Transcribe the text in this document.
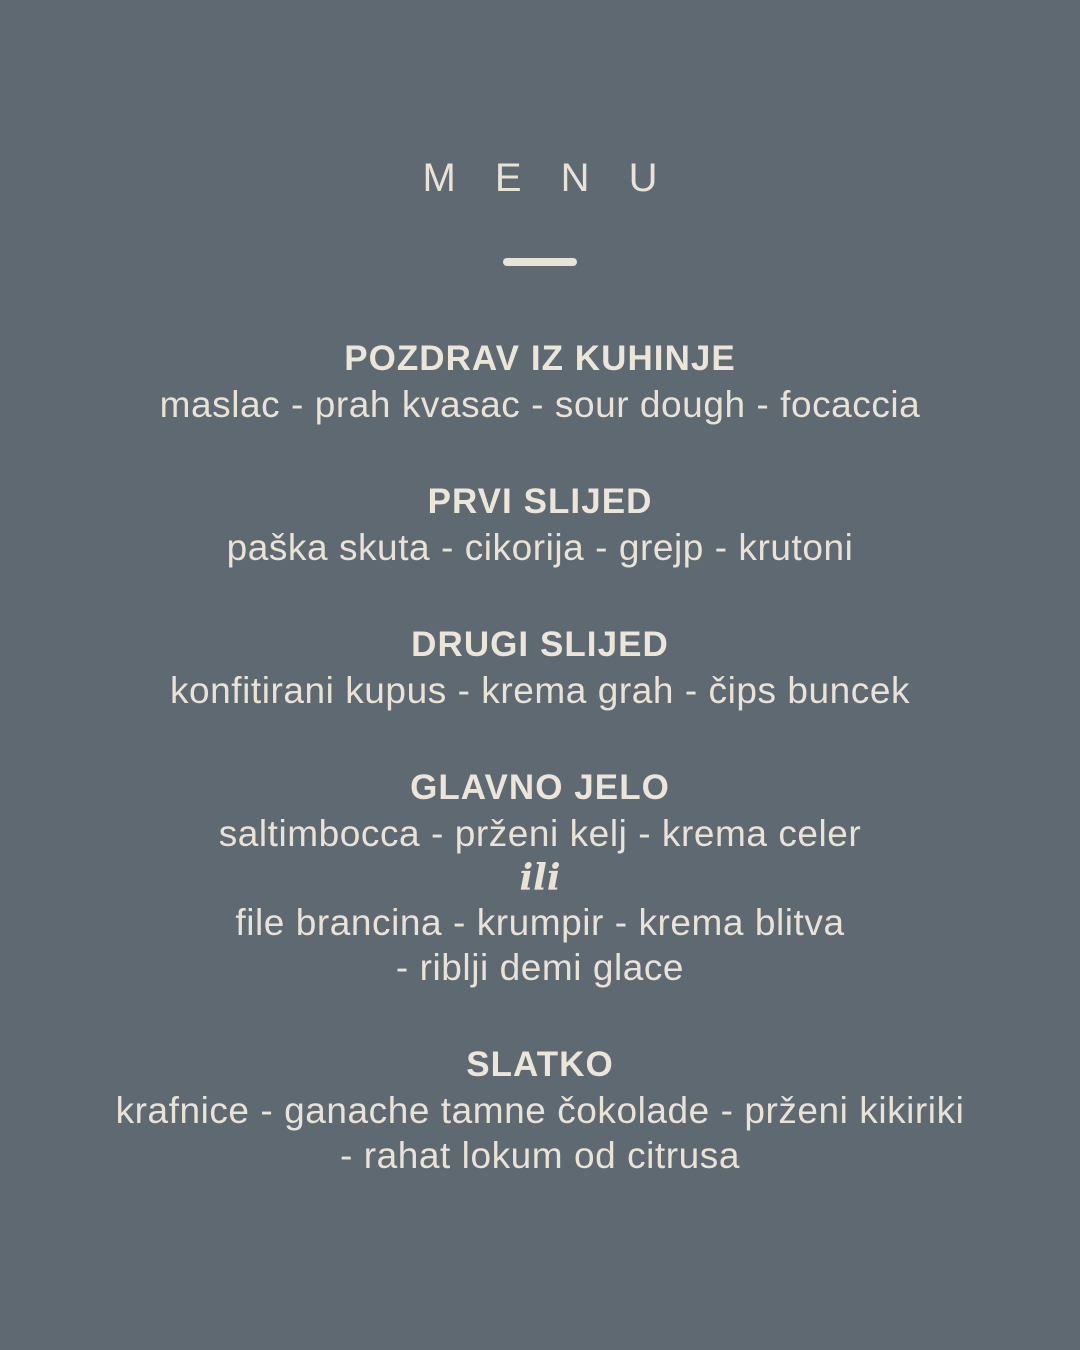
M E N U
POZDRAV IZ KUHINJE

maslac - prah kvasac - sour dough - focaccia

PRVI SLIJED

paška skuta - cikorija - grejp - krutoni

DRUGI SLIJED

konfitirani kupus - krema grah - čips buncek

GLAVNO JELO

saltimbocca - prženi kelj - krema celer

ili

file brancina - krumpir - krema blitva

- riblji demi glace

SLATKO

krafnice - ganache tamne čokolade - prženi kikiriki

- rahat lokum od citrusa
